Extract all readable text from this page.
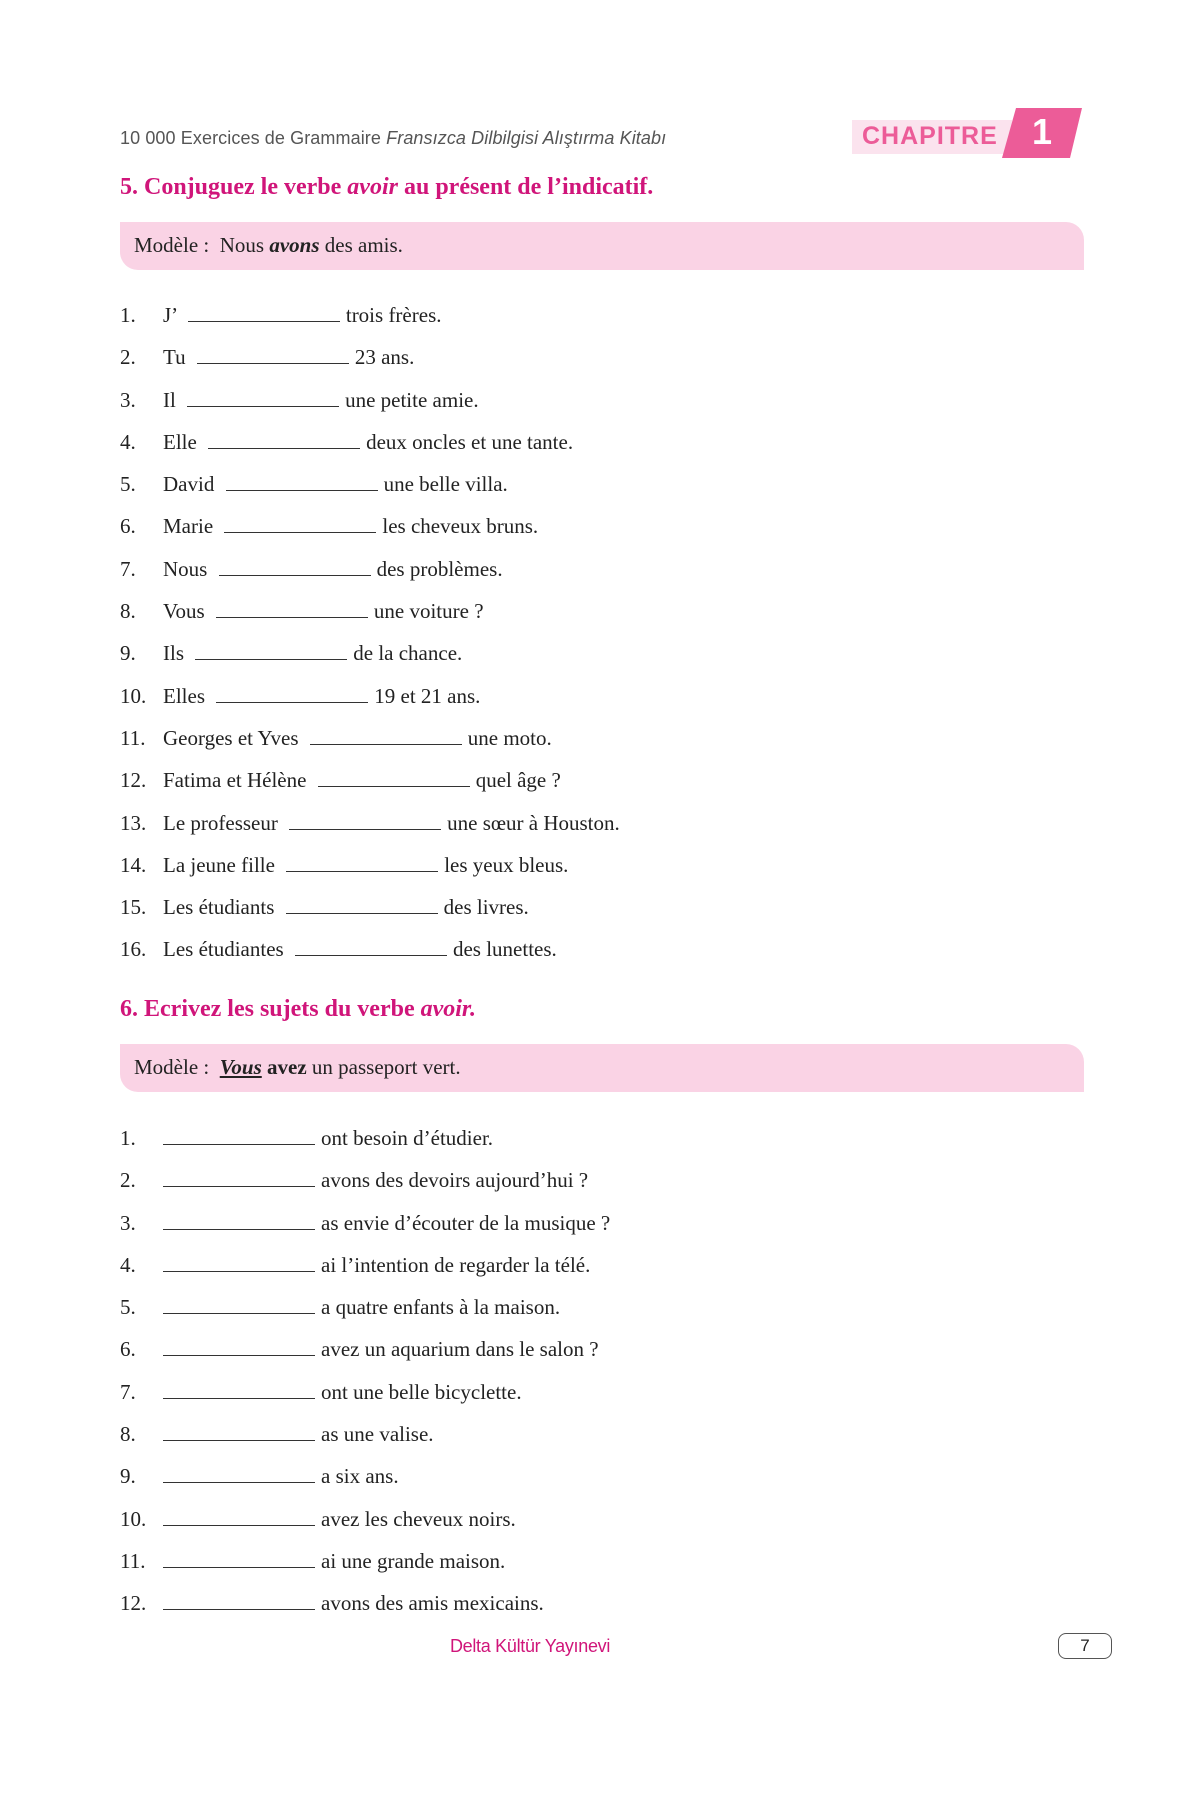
10 000 Exercices de Grammaire Fransızca Dilbilgisi Alıştırma Kitabı	CHAPITRE 1
5. Conjuguez le verbe avoir au présent de l’indicatif.
Modèle :  Nous avons des amis.
1. J’	trois frères.
2. Tu	23 ans.
3. Il	une petite amie.
4. Elle	deux oncles et une tante.
5. David	une belle villa.
6. Marie	les cheveux bruns.
7. Nous	des problèmes.
8. Vous	une voiture ?
9. Ils	de la chance.
10. Elles	19 et 21 ans.
11. Georges et Yves	une moto.
12. Fatima et Hélène	quel âge ?
13. Le professeur	une sœur à Houston.
14. La jeune fille	les yeux bleus.
15. Les étudiants	des livres.
16. Les étudiantes	des lunettes.
6. Ecrivez les sujets du verbe avoir.
Modèle :  Vous avez un passeport vert.
1.	ont besoin d’étudier.
2.	avons des devoirs aujourd’hui ?
3.	as envie d’écouter de la musique ?
4.	ai l’intention de regarder la télé.
5.	a quatre enfants à la maison.
6.	avez un aquarium dans le salon ?
7.	ont une belle bicyclette.
8.	as une valise.
9.	a six ans.
10.	avez les cheveux noirs.
11.	ai une grande maison.
12.	avons des amis mexicains.
Delta Kültür Yayınevi	7
